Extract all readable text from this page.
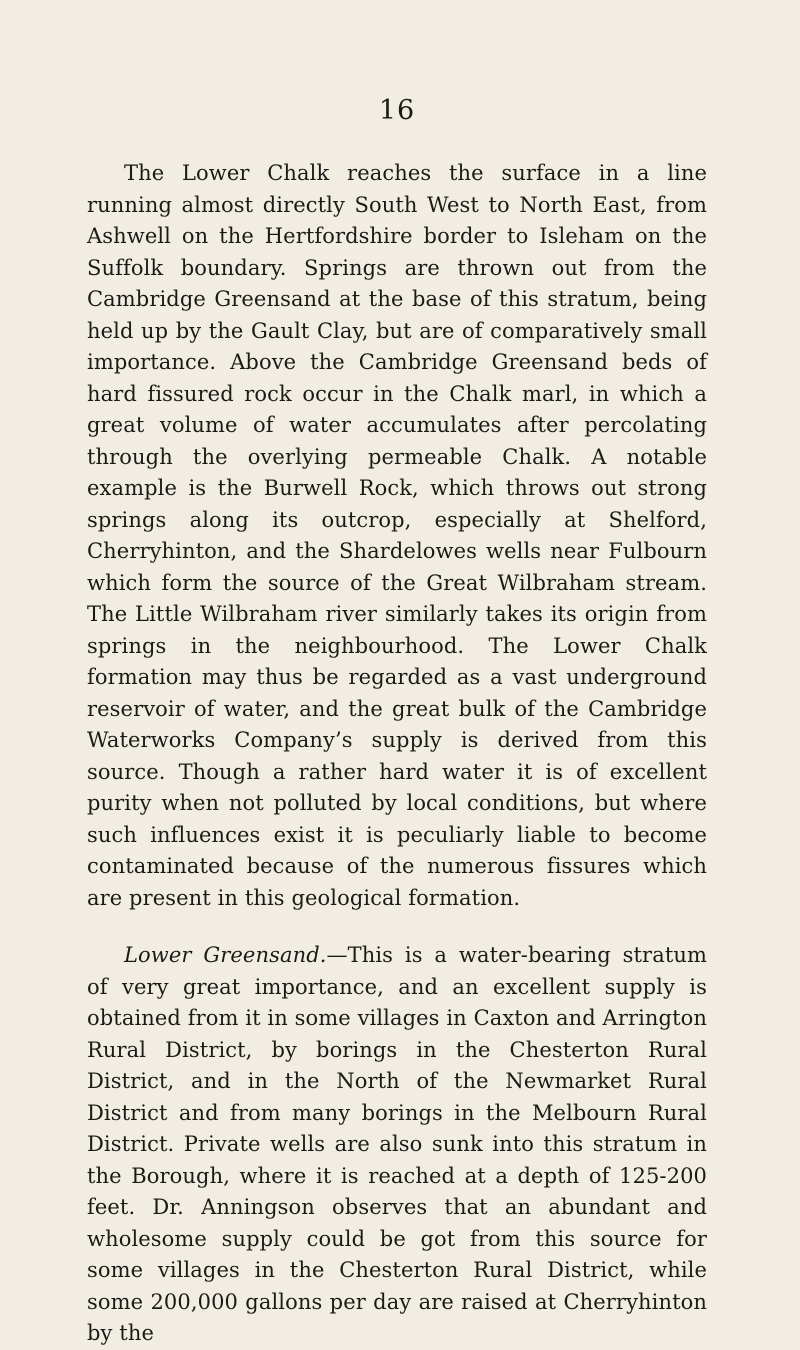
16

The Lower Chalk reaches the surface in a line running almost directly South West to North East, from Ashwell on the Hertfordshire border to Isleham on the Suffolk boundary. Springs are thrown out from the Cambridge Greensand at the base of this stratum, being held up by the Gault Clay, but are of comparatively small importance. Above the Cambridge Greensand beds of hard fissured rock occur in the Chalk marl, in which a great volume of water accumulates after percolating through the overlying permeable Chalk. A notable example is the Burwell Rock, which throws out strong springs along its outcrop, especially at Shelford, Cherryhinton, and the Shardelowes wells near Fulbourn which form the source of the Great Wilbraham stream. The Little Wilbraham river similarly takes its origin from springs in the neighbourhood. The Lower Chalk formation may thus be regarded as a vast underground reservoir of water, and the great bulk of the Cambridge Waterworks Company’s supply is derived from this source. Though a rather hard water it is of excellent purity when not polluted by local conditions, but where such influences exist it is peculiarly liable to become contaminated because of the numerous fissures which are present in this geological formation.

Lower Greensand.—This is a water-bearing stratum of very great importance, and an excellent supply is obtained from it in some villages in Caxton and Arrington Rural District, by borings in the Chesterton Rural District, and in the North of the Newmarket Rural District and from many borings in the Melbourn Rural District. Private wells are also sunk into this stratum in the Borough, where it is reached at a depth of 125-200 feet. Dr. Anningson observes that an abundant and wholesome supply could be got from this source for some villages in the Chesterton Rural District, while some 200,000 gallons per day are raised at Cherryhinton by the
